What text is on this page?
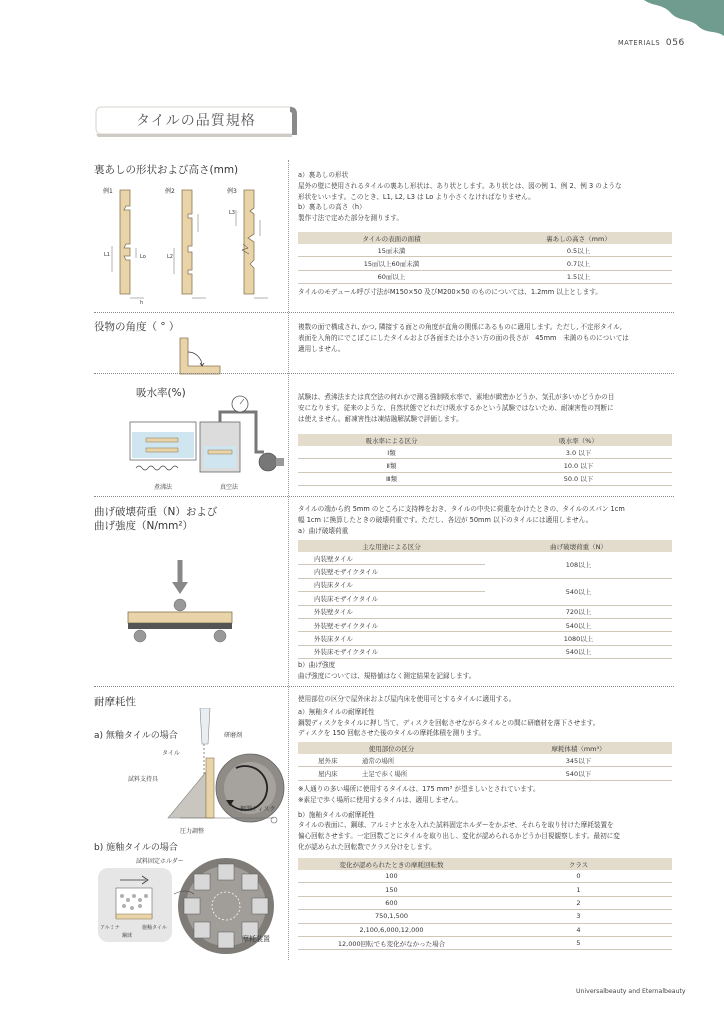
MATERIALS 056
タイルの品質規格
裏あしの形状および高さ(mm)
例1	例2	例3
L1	Lo	L2
L3
h
a）裏あしの形状
屋外の壁に使用されるタイルの裏あし形状は、あり状とします。あり状とは、図の例 1、例 2、例 3 のような
形状をいいます。このとき、L1, L2, L3 は Lo より小さくなければなりません。
b）裏あしの高さ（h）
製作寸法で定めた部分を測ります。
タイルの表面の面積	裏あしの高さ（mm）
15㎠未満	0.5以上
15㎠以上60㎠未満	0.7以上
60㎠以上	1.5以上
タイルのモデュール呼び寸法がM150×50 及びM200×50 のものについては、1.2mm 以上とします。
役物の角度（ ° ）	複数の面で構成され, かつ, 隣接する面との角度が直角の関係にあるものに適用します。ただし, 不定形タイル,
表面を入角的にでこぼこにしたタイルおよび各面または小さい方の面の長さが　45mm　未満のものについては
適用しません。
吸水率(%)
煮沸法	真空法
試験は、煮沸法または真空法の何れかで測る強制吸水率で、素地が緻密かどうか、気孔が多いかどうかの目
安になります。従来のような、自然状態でどれだけ吸水するかという試験ではないため、耐凍害性の判断に
は使えません。耐凍害性は凍結融解試験で評価します。
吸水率による区分	吸水率（%）
Ⅰ類	3.0 以下
Ⅱ類	10.0 以下
Ⅲ類	50.0 以下
曲げ破壊荷重（N）および
曲げ強度（N/mm²）
タイルの端から約 5mm のところに支持棒をおき、タイルの中央に荷重をかけたときの、タイルのスパン 1cm
幅 1cm に換算したときの破壊荷重です。ただし、各辺が 50mm 以下のタイルには適用しません。
a）曲げ破壊荷重
主な用途による区分	曲げ破壊荷重（N）
内装壁タイル	108以上
内装壁モザイクタイル	
内装床タイル	540以上
内装床モザイクタイル	
外装壁タイル	720以上
外装壁モザイクタイル	540以上
外装床タイル	1080以上
外装床モザイクタイル	540以上
b）曲げ強度
曲げ強度については、規格値はなく測定結果を記録します。
耐摩耗性
a) 無釉タイルの場合
b) 施釉タイルの場合
研磨剤
タイル
試料支持具
鋼製ディスク
圧力調整
試料固定ホルダー
アルミナ	施釉タイル
鋼球	摩耗装置
使用部位の区分で屋外床および屋内床を使用可とするタイルに適用する。
a）無釉タイルの耐摩耗性
鋼製ディスクをタイルに押し当て、ディスクを回転させながらタイルとの間に研磨材を落下させます。
ディスクを 150 回転させた後のタイルの摩耗体積を測ります。
使用部位の区分		摩耗体積（mm³）
屋外床	通常の場所	345以下
屋内床	土足で歩く場所	540以下
※人通りの多い場所に使用するタイルは、175 mm³ が望ましいとされています。
※素足で歩く場所に使用するタイルは、適用しません。
b）施釉タイルの耐摩耗性
タイルの表面に、鋼球、アルミナと水を入れた試料固定ホルダーをかぶせ、それらを取り付けた摩耗装置を
偏心回転させます。一定回数ごとにタイルを取り出し、変化が認められるかどうか目視観察します。最初に変
化が認められた回転数でクラス分けをします。
変化が認められたときの摩耗回転数	クラス
100	0
150	1
600	2
750,1,500	3
2,100,6,000,12,000	4
12,000回転でも変化がなかった場合	5
Universalbeauty and Eternalbeauty
